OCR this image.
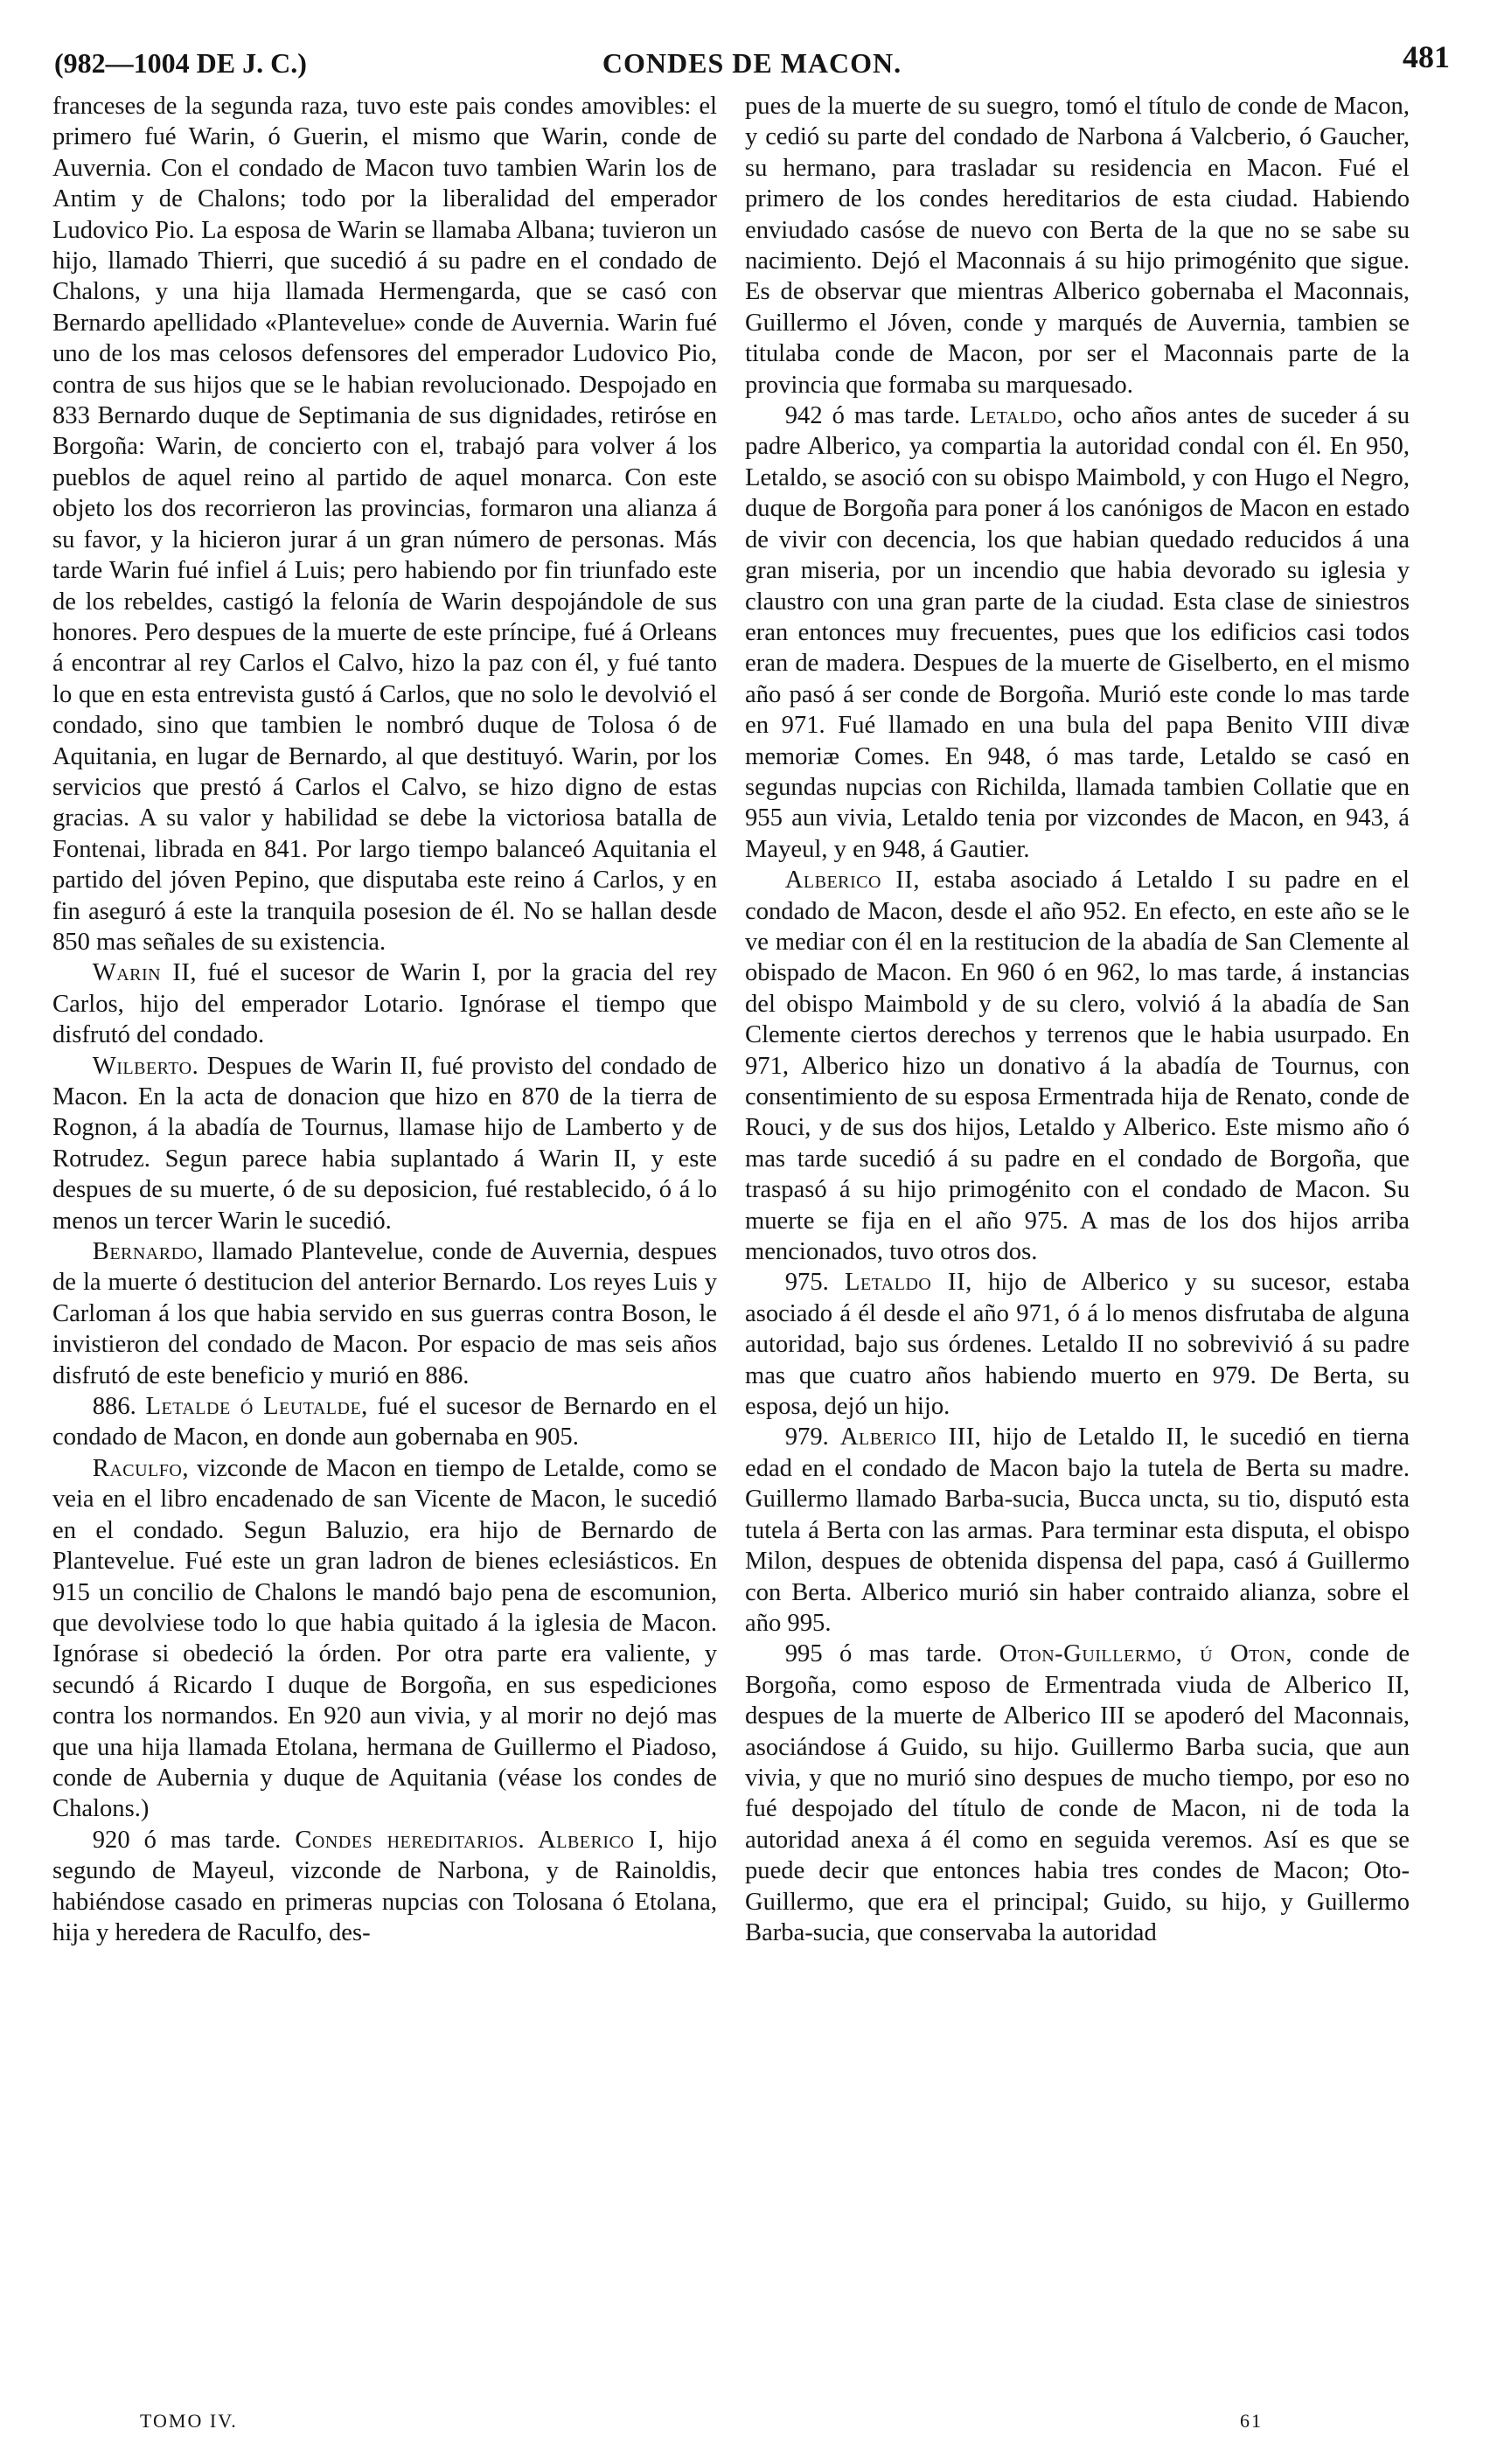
(982—1004 DE J. C.)	CONDES DE MACON.	481

franceses de la segunda raza, tuvo este pais condes amovibles: el primero fué Warin, ó Guerin, el mismo que Warin, conde de Auvernia. Con el condado de Macon tuvo tambien Warin los de Antim y de Chalons; todo por la liberalidad del emperador Ludovico Pio. La esposa de Warin se llamaba Albana; tuvieron un hijo, llamado Thierri, que sucedió á su padre en el condado de Chalons, y una hija llamada Hermengarda, que se casó con Bernardo apellidado «Plantevelue» conde de Auvernia. Warin fué uno de los mas celosos defensores del emperador Ludovico Pio, contra de sus hijos que se le habian revolucionado. Despojado en 833 Bernardo duque de Septimania de sus dignidades, retiróse en Borgoña: Warin, de concierto con el, trabajó para volver á los pueblos de aquel reino al partido de aquel monarca. Con este objeto los dos recorrieron las provincias, formaron una alianza á su favor, y la hicieron jurar á un gran número de personas. Más tarde Warin fué infiel á Luis; pero habiendo por fin triunfado este de los rebeldes, castigó la felonía de Warin despojándole de sus honores. Pero despues de la muerte de este príncipe, fué á Orleans á encontrar al rey Carlos el Calvo, hizo la paz con él, y fué tanto lo que en esta entrevista gustó á Carlos, que no solo le devolvió el condado, sino que tambien le nombró duque de Tolosa ó de Aquitania, en lugar de Bernardo, al que destituyó. Warin, por los servicios que prestó á Carlos el Calvo, se hizo digno de estas gracias. A su valor y habilidad se debe la victoriosa batalla de Fontenai, librada en 841. Por largo tiempo balanceó Aquitania el partido del jóven Pepino, que disputaba este reino á Carlos, y en fin aseguró á este la tranquila posesion de él. No se hallan desde 850 mas señales de su existencia.

Warin II, fué el sucesor de Warin I, por la gracia del rey Carlos, hijo del emperador Lotario. Ignórase el tiempo que disfrutó del condado.

Wilberto. Despues de Warin II, fué provisto del condado de Macon. En la acta de donacion que hizo en 870 de la tierra de Rognon, á la abadía de Tournus, llamase hijo de Lamberto y de Rotrudez. Segun parece habia suplantado á Warin II, y este despues de su muerte, ó de su deposicion, fué restablecido, ó á lo menos un tercer Warin le sucedió.

Bernardo, llamado Plantevelue, conde de Auvernia, despues de la muerte ó destitucion del anterior Bernardo. Los reyes Luis y Carloman á los que habia servido en sus guerras contra Boson, le invistieron del condado de Macon. Por espacio de mas seis años disfrutó de este beneficio y murió en 886.

886. Letalde ó Leutalde, fué el sucesor de Bernardo en el condado de Macon, en donde aun gobernaba en 905.

Raculfo, vizconde de Macon en tiempo de Letalde, como se veia en el libro encadenado de san Vicente de Macon, le sucedió en el condado. Segun Baluzio, era hijo de Bernardo de Plantevelue. Fué este un gran ladron de bienes eclesiásticos. En 915 un concilio de Chalons le mandó bajo pena de escomunion, que devolviese todo lo que habia quitado á la iglesia de Macon. Ignórase si obedeció la órden. Por otra parte era valiente, y secundó á Ricardo I duque de Borgoña, en sus espediciones contra los normandos. En 920 aun vivia, y al morir no dejó mas que una hija llamada Etolana, hermana de Guillermo el Piadoso, conde de Aubernia y duque de Aquitania (véase los condes de Chalons.)

920 ó mas tarde. Condes hereditarios. Alberico I, hijo segundo de Mayeul, vizconde de Narbona, y de Rainoldis, habiéndose casado en primeras nupcias con Tolosana ó Etolana, hija y heredera de Raculfo, des-

pues de la muerte de su suegro, tomó el título de conde de Macon, y cedió su parte del condado de Narbona á Valcberio, ó Gaucher, su hermano, para trasladar su residencia en Macon. Fué el primero de los condes hereditarios de esta ciudad. Habiendo enviudado casóse de nuevo con Berta de la que no se sabe su nacimiento. Dejó el Maconnais á su hijo primogénito que sigue. Es de observar que mientras Alberico gobernaba el Maconnais, Guillermo el Jóven, conde y marqués de Auvernia, tambien se titulaba conde de Macon, por ser el Maconnais parte de la provincia que formaba su marquesado.

942 ó mas tarde. Letaldo, ocho años antes de suceder á su padre Alberico, ya compartia la autoridad condal con él. En 950, Letaldo, se asoció con su obispo Maimbold, y con Hugo el Negro, duque de Borgoña para poner á los canónigos de Macon en estado de vivir con decencia, los que habian quedado reducidos á una gran miseria, por un incendio que habia devorado su iglesia y claustro con una gran parte de la ciudad. Esta clase de siniestros eran entonces muy frecuentes, pues que los edificios casi todos eran de madera. Despues de la muerte de Giselberto, en el mismo año pasó á ser conde de Borgoña. Murió este conde lo mas tarde en 971. Fué llamado en una bula del papa Benito VIII divæ memoriæ Comes. En 948, ó mas tarde, Letaldo se casó en segundas nupcias con Richilda, llamada tambien Collatie que en 955 aun vivia, Letaldo tenia por vizcondes de Macon, en 943, á Mayeul, y en 948, á Gautier.

Alberico II, estaba asociado á Letaldo I su padre en el condado de Macon, desde el año 952. En efecto, en este año se le ve mediar con él en la restitucion de la abadía de San Clemente al obispado de Macon. En 960 ó en 962, lo mas tarde, á instancias del obispo Maimbold y de su clero, volvió á la abadía de San Clemente ciertos derechos y terrenos que le habia usurpado. En 971, Alberico hizo un donativo á la abadía de Tournus, con consentimiento de su esposa Ermentrada hija de Renato, conde de Rouci, y de sus dos hijos, Letaldo y Alberico. Este mismo año ó mas tarde sucedió á su padre en el condado de Borgoña, que traspasó á su hijo primogénito con el condado de Macon. Su muerte se fija en el año 975. A mas de los dos hijos arriba mencionados, tuvo otros dos.

975. Letaldo II, hijo de Alberico y su sucesor, estaba asociado á él desde el año 971, ó á lo menos disfrutaba de alguna autoridad, bajo sus órdenes. Letaldo II no sobrevivió á su padre mas que cuatro años habiendo muerto en 979. De Berta, su esposa, dejó un hijo.

979. Alberico III, hijo de Letaldo II, le sucedió en tierna edad en el condado de Macon bajo la tutela de Berta su madre. Guillermo llamado Barba-sucia, Bucca uncta, su tio, disputó esta tutela á Berta con las armas. Para terminar esta disputa, el obispo Milon, despues de obtenida dispensa del papa, casó á Guillermo con Berta. Alberico murió sin haber contraido alianza, sobre el año 995.

995 ó mas tarde. Oton-Guillermo, ú Oton, conde de Borgoña, como esposo de Ermentrada viuda de Alberico II, despues de la muerte de Alberico III se apoderó del Maconnais, asociándose á Guido, su hijo. Guillermo Barba sucia, que aun vivia, y que no murió sino despues de mucho tiempo, por eso no fué despojado del título de conde de Macon, ni de toda la autoridad anexa á él como en seguida veremos. Así es que se puede decir que entonces habia tres condes de Macon; Oto-Guillermo, que era el principal; Guido, su hijo, y Guillermo Barba-sucia, que conservaba la autoridad

TOMO IV.	61
